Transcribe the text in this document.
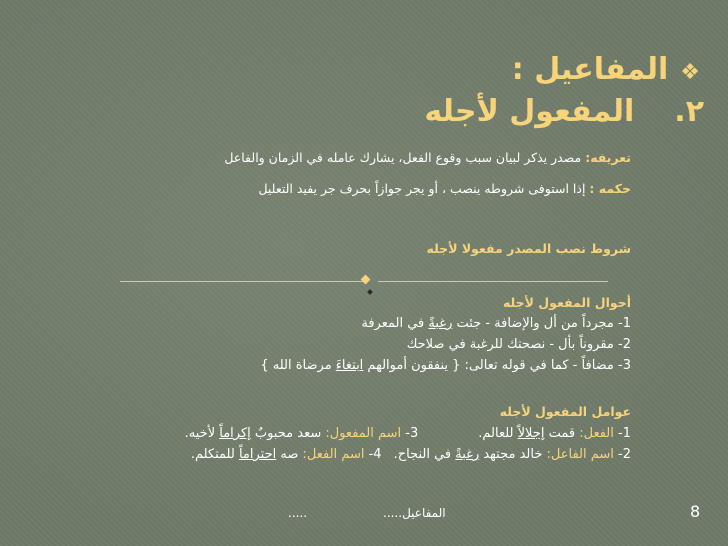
❖المفاعيل :
٢.المفعول لأجله
تعريفه: مصدر يذكر لبيان سبب وقوع الفعل، يشارك عامله في الزمان والفاعل
حكمه : إذا استوفى شروطه ينصب ، أو يجر جوازاً بحرف جر يفيد التعليل
شروط نصب المصدر مفعولا لأجله
أحوال المفعول لأجله
1- مجرداً من أل والإضافة - جئت رغبةً في المعرفة
2- مقروناً بأل - نصحتك للرغبة في صلاحك
3- مضافاً - كما في قوله تعالى: { ينفقون أموالهم ابتغاءَ مرضاة الله }
عوامل المفعول لأجله
1- الفعل: قمت إجلالاً للعالم.3- اسم المفعول: سعد محبوبٌ إكراماً لأخيه.
2- اسم الفاعل: خالد مجتهد رغبةً في النجاح.4- اسم الفعل: صه احتراماً للمتكلم.
المفاعيل.....
.....	8
